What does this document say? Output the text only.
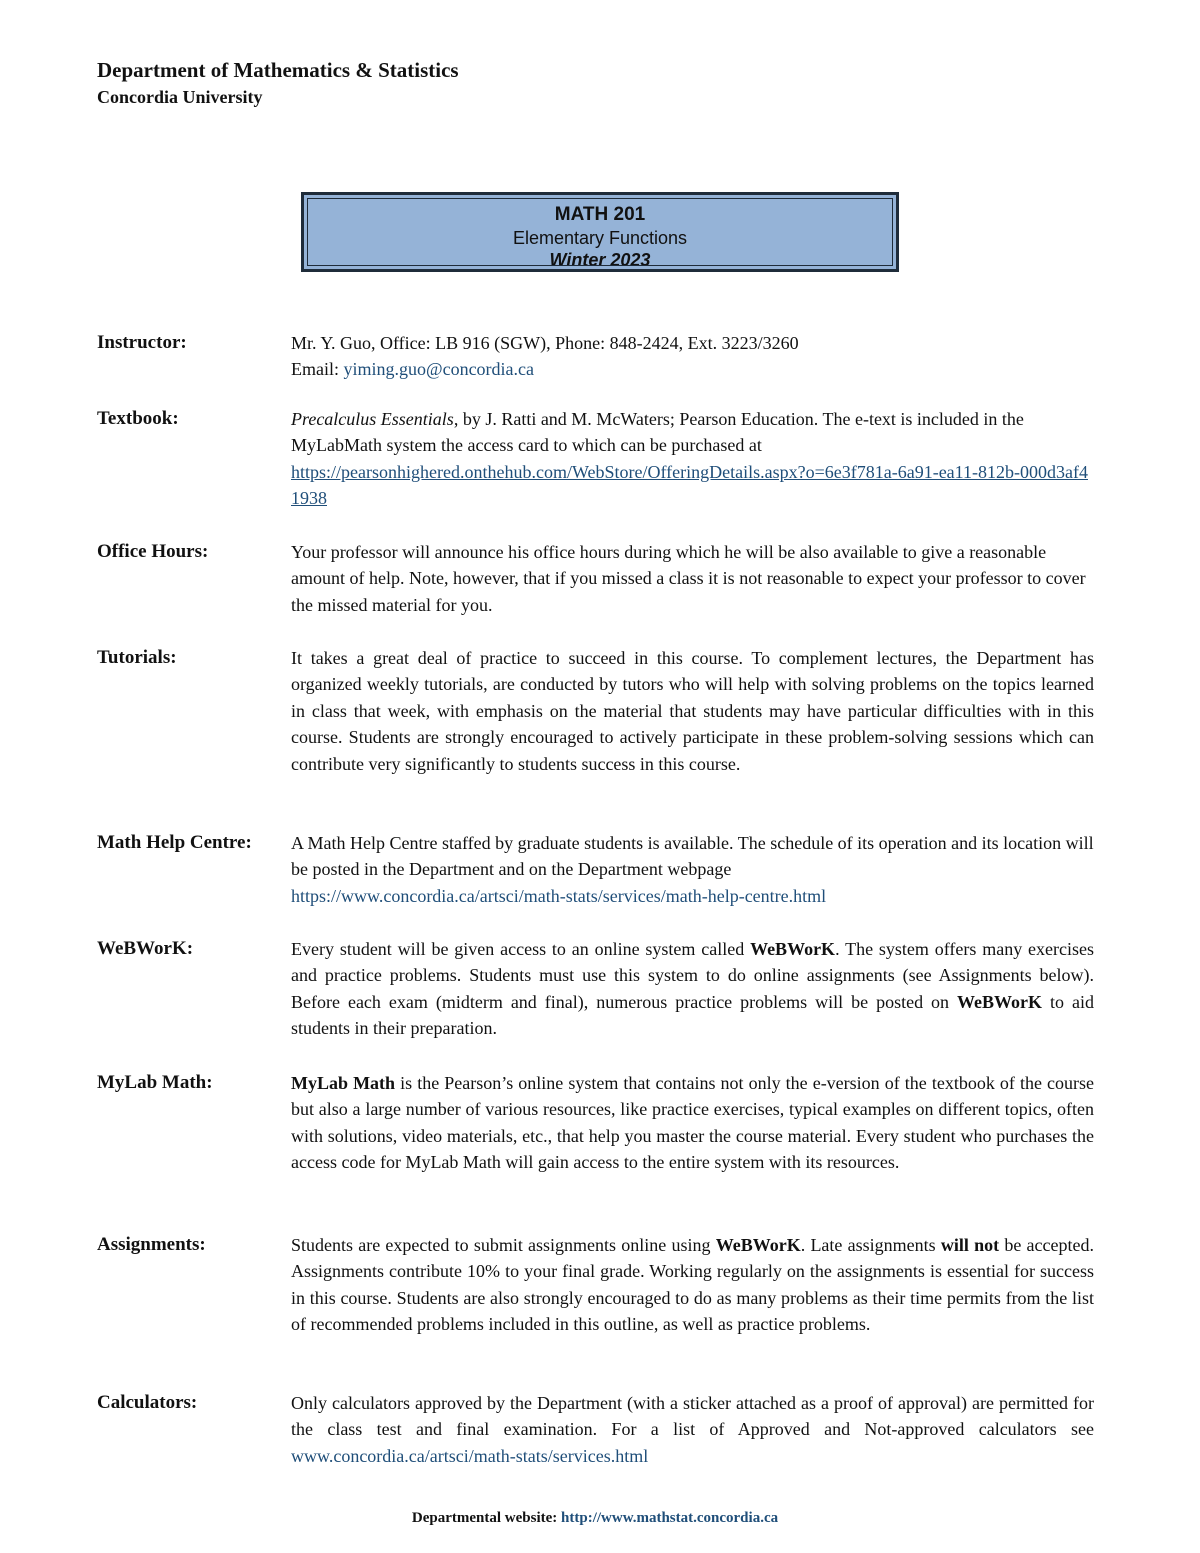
Department of Mathematics & Statistics
Concordia University
MATH 201
Elementary Functions
Winter 2023
Instructor:	Mr. Y. Guo, Office: LB 916 (SGW), Phone: 848-2424, Ext. 3223/3260
Email: yiming.guo@concordia.ca
Textbook:	Precalculus Essentials, by J. Ratti and M. McWaters; Pearson Education. The e-text is included in the MyLabMath system the access card to which can be purchased at
https://pearsonhighered.onthehub.com/WebStore/OfferingDetails.aspx?o=6e3f781a-6a91-ea11-812b-000d3af41938
Office Hours:	Your professor will announce his office hours during which he will be also available to give a reasonable amount of help. Note, however, that if you missed a class it is not reasonable to expect your professor to cover the missed material for you.
Tutorials:	It takes a great deal of practice to succeed in this course. To complement lectures, the Department has organized weekly tutorials, are conducted by tutors who will help with solving problems on the topics learned in class that week, with emphasis on the material that students may have particular difficulties with in this course. Students are strongly encouraged to actively participate in these problem-solving sessions which can contribute very significantly to students success in this course.
Math Help Centre: A Math Help Centre staffed by graduate students is available. The schedule of its operation and its location will be posted in the Department and on the Department webpage
https://www.concordia.ca/artsci/math-stats/services/math-help-centre.html
WeBWorK:	Every student will be given access to an online system called WeBWorK. The system offers many exercises and practice problems. Students must use this system to do online assignments (see Assignments below). Before each exam (midterm and final), numerous practice problems will be posted on WeBWorK to aid students in their preparation.
MyLab Math:	MyLab Math is the Pearson’s online system that contains not only the e-version of the textbook of the course but also a large number of various resources, like practice exercises, typical examples on different topics, often with solutions, video materials, etc., that help you master the course material. Every student who purchases the access code for MyLab Math will gain access to the entire system with its resources.
Assignments:	Students are expected to submit assignments online using WeBWorK. Late assignments will not be accepted. Assignments contribute 10% to your final grade. Working regularly on the assignments is essential for success in this course. Students are also strongly encouraged to do as many problems as their time permits from the list of recommended problems included in this outline, as well as practice problems.
Calculators:	Only calculators approved by the Department (with a sticker attached as a proof of approval) are permitted for the class test and final examination. For a list of Approved and Not-approved calculators see www.concordia.ca/artsci/math-stats/services.html
Departmental website: http://www.mathstat.concordia.ca
